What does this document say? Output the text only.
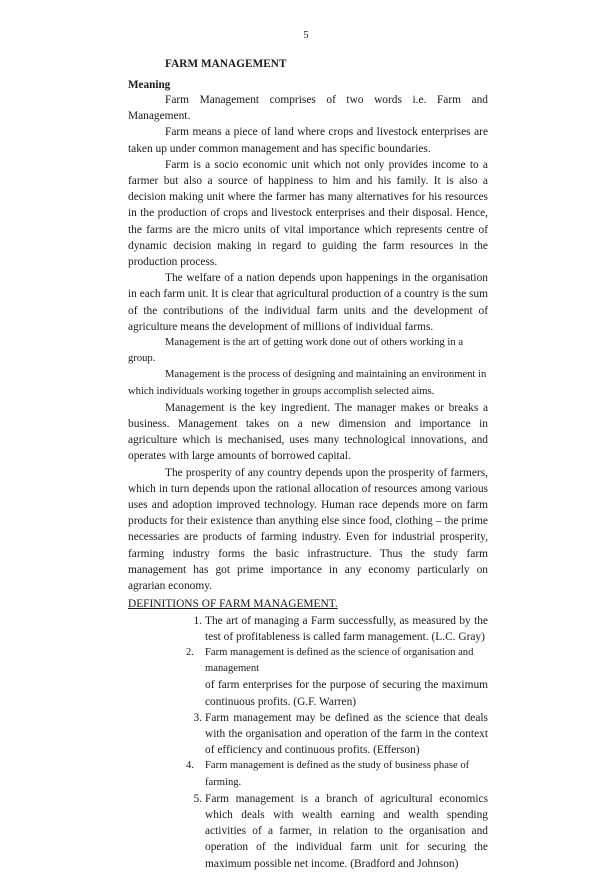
5
FARM MANAGEMENT
Meaning

Farm Management comprises of two words i.e. Farm and Management.

Farm means a piece of land where crops and livestock enterprises are taken up under common management and has specific boundaries.

Farm is a socio economic unit which not only provides income to a farmer but also a source of happiness to him and his family. It is also a decision making unit where the farmer has many alternatives for his resources in the production of crops and livestock enterprises and their disposal. Hence, the farms are the micro units of vital importance which represents centre of dynamic decision making in regard to guiding the farm resources in the production process.

The welfare of a nation depends upon happenings in the organisation in each farm unit. It is clear that agricultural production of a country is the sum of the contributions of the individual farm units and the development of agriculture means the development of millions of individual farms.

Management is the art of getting work done out of others working in a group.

Management is the process of designing and maintaining an environment in

which individuals working together in groups accomplish selected aims.

Management is the key ingredient. The manager makes or breaks a business. Management takes on a new dimension and importance in agriculture which is mechanised, uses many technological innovations, and operates with large amounts of borrowed capital.

The prosperity of any country depends upon the prosperity of farmers, which in turn depends upon the rational allocation of resources among various uses and adoption improved technology. Human race depends more on farm products for their existence than anything else since food, clothing – the prime necessaries are products of farming industry. Even for industrial prosperity, farming industry forms the basic infrastructure. Thus the study farm management has got prime importance in any economy particularly on agrarian economy.

DEFINITIONS OF FARM MANAGEMENT.
1. The art of managing a Farm successfully, as measured by the test of profitableness is called farm management. (L.C. Gray)
2.	Farm management is defined as the science of organisation and management
of farm enterprises for the purpose of securing the maximum continuous profits. (G.F. Warren)
3. Farm management may be defined as the science that deals with the organisation and operation of the farm in the context of efficiency and continuous profits. (Efferson)
4.	Farm management is defined as the study of business phase of farming.
5. Farm management is a branch of agricultural economics which deals with wealth earning and wealth spending activities of a farmer, in relation to the organisation and operation of the individual farm unit for securing the maximum possible net income. (Bradford and Johnson)
